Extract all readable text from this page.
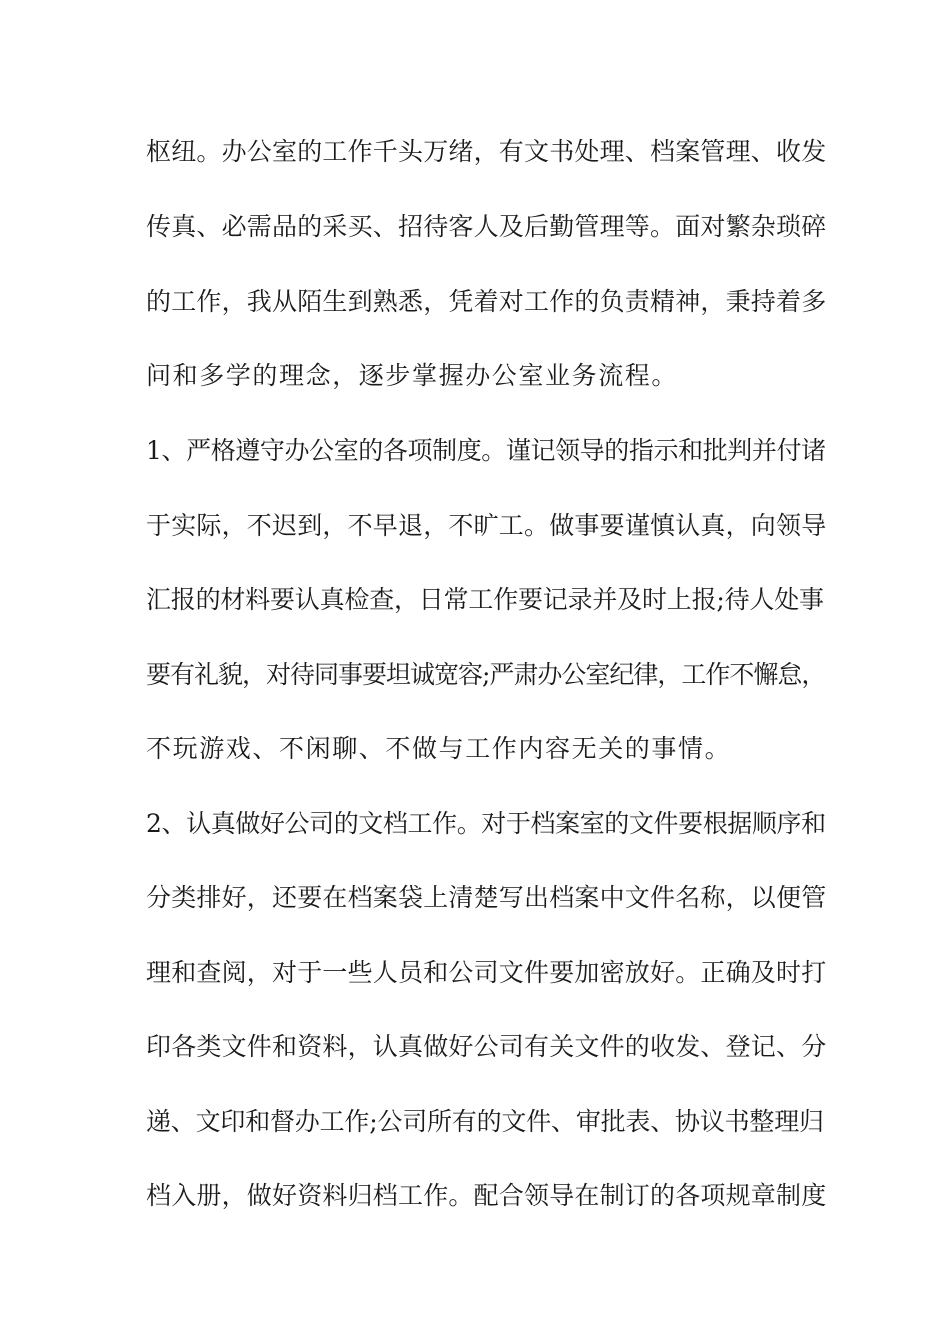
枢纽。办公室的工作千头万绪，有文书处理、档案管理、收发
传真、必需品的采买、招待客人及后勤管理等。面对繁杂琐碎
的工作，我从陌生到熟悉，凭着对工作的负责精神，秉持着多
问和多学的理念，逐步掌握办公室业务流程。
1、严格遵守办公室的各项制度。谨记领导的指示和批判并付诸
于实际，不迟到，不早退，不旷工。做事要谨慎认真，向领导
汇报的材料要认真检查，日常工作要记录并及时上报;待人处事
要有礼貌，对待同事要坦诚宽容;严肃办公室纪律，工作不懈怠，
不玩游戏、不闲聊、不做与工作内容无关的事情。
2、认真做好公司的文档工作。对于档案室的文件要根据顺序和
分类排好，还要在档案袋上清楚写出档案中文件名称，以便管
理和查阅，对于一些人员和公司文件要加密放好。正确及时打
印各类文件和资料，认真做好公司有关文件的收发、登记、分
递、文印和督办工作;公司所有的文件、审批表、协议书整理归
档入册，做好资料归档工作。配合领导在制订的各项规章制度
